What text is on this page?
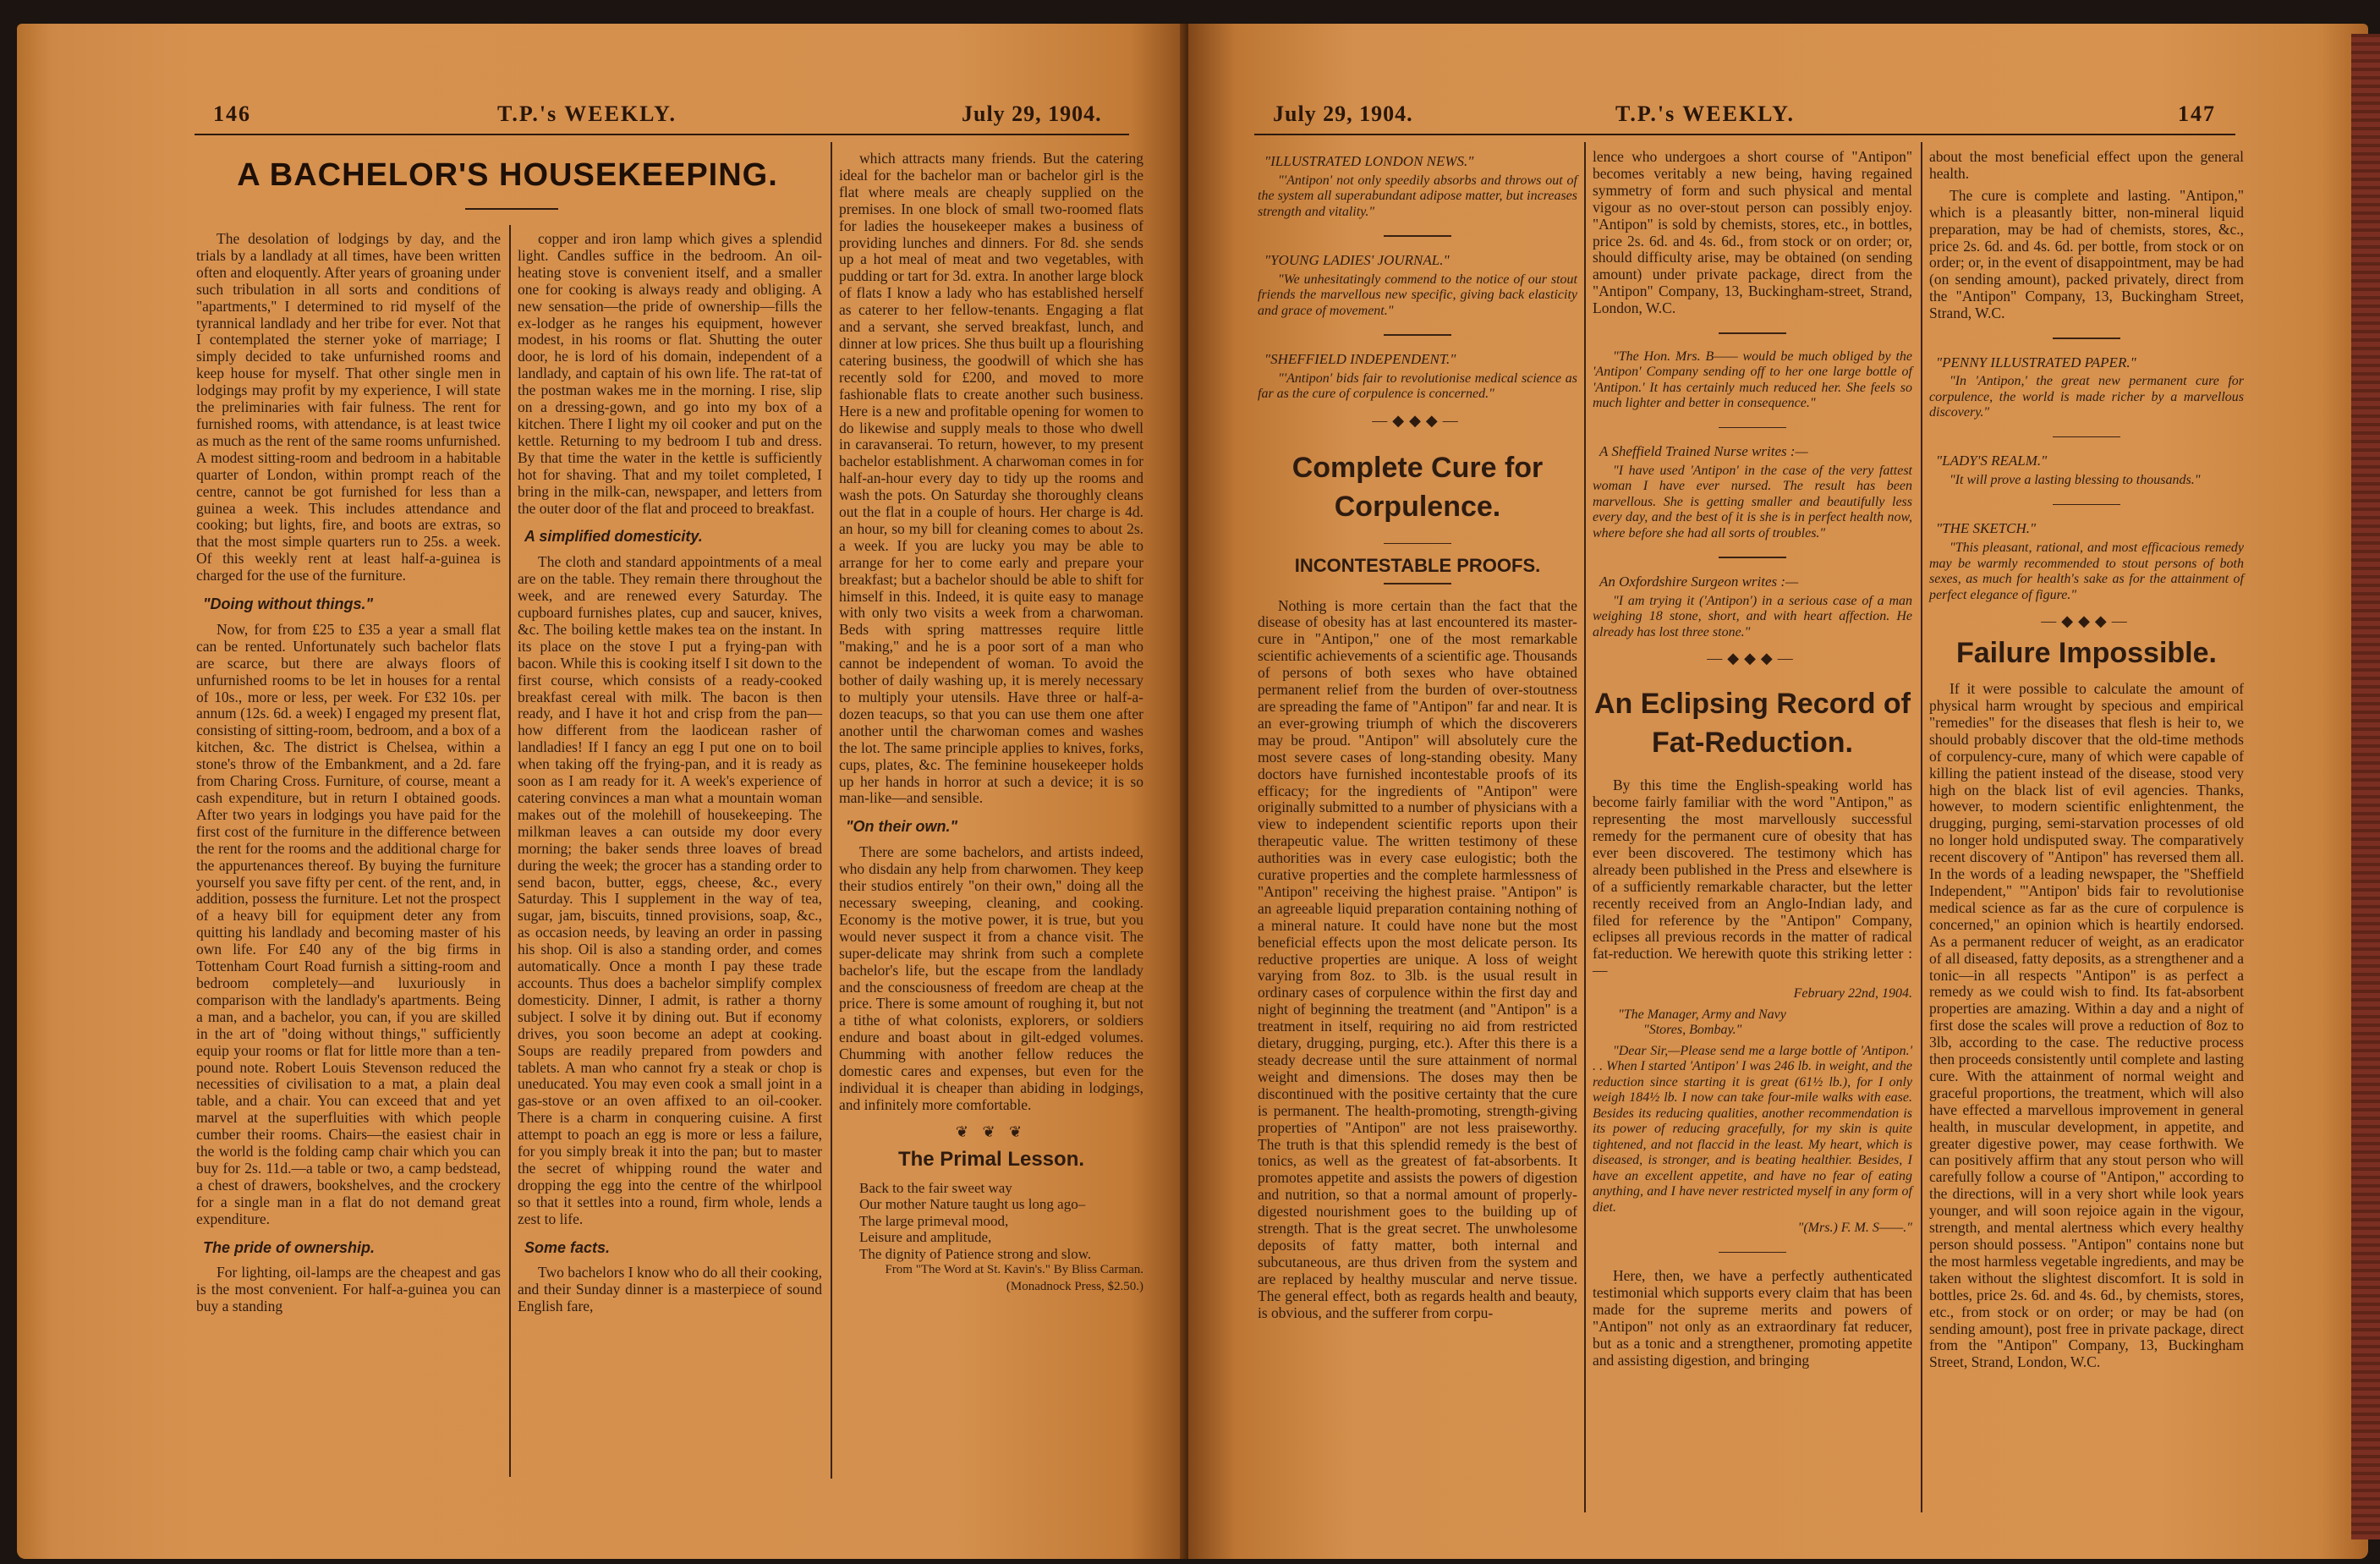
146	T.P.'s WEEKLY.	July 29, 1904.
A BACHELOR'S HOUSEKEEPING.

The desolation of lodgings by day, and the trials by a landlady at all times, have been written often and eloquently. After years of groaning under such tribulation in all sorts and conditions of "apartments," I determined to rid myself of the tyrannical landlady and her tribe for ever. Not that I contemplated the sterner yoke of marriage; I simply decided to take unfurnished rooms and keep house for myself. That other single men in lodgings may profit by my experience, I will state the preliminaries with fair fulness. The rent for furnished rooms, with attendance, is at least twice as much as the rent of the same rooms unfurnished. A modest sitting-room and bedroom in a habitable quarter of London, within prompt reach of the centre, cannot be got furnished for less than a guinea a week. This includes attendance and cooking; but lights, fire, and boots are extras, so that the most simple quarters run to 25s. a week. Of this weekly rent at least half-a-guinea is charged for the use of the furniture.

"Doing without things."

Now, for from £25 to £35 a year a small flat can be rented. Unfortunately such bachelor flats are scarce, but there are always floors of unfurnished rooms to be let in houses for a rental of 10s., more or less, per week. For £32 10s. per annum (12s. 6d. a week) I engaged my present flat, consisting of sitting-room, bedroom, and a box of a kitchen, &c. The district is Chelsea, within a stone's throw of the Embankment, and a 2d. fare from Charing Cross. Furniture, of course, meant a cash expenditure, but in return I obtained goods. After two years in lodgings you have paid for the first cost of the furniture in the difference between the rent for the rooms and the additional charge for the appurtenances thereof. By buying the furniture yourself you save fifty per cent. of the rent, and, in addition, possess the furniture. Let not the prospect of a heavy bill for equipment deter any from quitting his landlady and becoming master of his own life. For £40 any of the big firms in Tottenham Court Road furnish a sitting-room and bedroom completely—and luxuriously in comparison with the landlady's apartments. Being a man, and a bachelor, you can, if you are skilled in the art of "doing without things," sufficiently equip your rooms or flat for little more than a ten-pound note. Robert Louis Stevenson reduced the necessities of civilisation to a mat, a plain deal table, and a chair. You can exceed that and yet marvel at the superfluities with which people cumber their rooms. Chairs—the easiest chair in the world is the folding camp chair which you can buy for 2s. 11d.—a table or two, a camp bedstead, a chest of drawers, bookshelves, and the crockery for a single man in a flat do not demand great expenditure.

The pride of ownership.

For lighting, oil-lamps are the cheapest and gas is the most convenient. For half-a-guinea you can buy a standing

copper and iron lamp which gives a splendid light. Candles suffice in the bedroom. An oil-heating stove is convenient itself, and a smaller one for cooking is always ready and obliging. A new sensation—the pride of ownership—fills the ex-lodger as he ranges his equipment, however modest, in his rooms or flat. Shutting the outer door, he is lord of his domain, independent of a landlady, and captain of his own life. The rat-tat of the postman wakes me in the morning. I rise, slip on a dressing-gown, and go into my box of a kitchen. There I light my oil cooker and put on the kettle. Returning to my bedroom I tub and dress. By that time the water in the kettle is sufficiently hot for shaving. That and my toilet completed, I bring in the milk-can, newspaper, and letters from the outer door of the flat and proceed to breakfast.

A simplified domesticity.

The cloth and standard appointments of a meal are on the table. They remain there throughout the week, and are renewed every Saturday. The cupboard furnishes plates, cup and saucer, knives, &c. The boiling kettle makes tea on the instant. In its place on the stove I put a frying-pan with bacon. While this is cooking itself I sit down to the first course, which consists of a ready-cooked breakfast cereal with milk. The bacon is then ready, and I have it hot and crisp from the pan—how different from the laodicean rasher of landladies! If I fancy an egg I put one on to boil when taking off the frying-pan, and it is ready as soon as I am ready for it. A week's experience of catering convinces a man what a mountain woman makes out of the molehill of housekeeping. The milkman leaves a can outside my door every morning; the baker sends three loaves of bread during the week; the grocer has a standing order to send bacon, butter, eggs, cheese, &c., every Saturday. This I supplement in the way of tea, sugar, jam, biscuits, tinned provisions, soap, &c., as occasion needs, by leaving an order in passing his shop. Oil is also a standing order, and comes automatically. Once a month I pay these trade accounts. Thus does a bachelor simplify complex domesticity. Dinner, I admit, is rather a thorny subject. I solve it by dining out. But if economy drives, you soon become an adept at cooking. Soups are readily prepared from powders and tablets. A man who cannot fry a steak or chop is uneducated. You may even cook a small joint in a gas-stove or an oven affixed to an oil-cooker. There is a charm in conquering cuisine. A first attempt to poach an egg is more or less a failure, for you simply break it into the pan; but to master the secret of whipping round the water and dropping the egg into the centre of the whirlpool so that it settles into a round, firm whole, lends a zest to life.

Some facts.

Two bachelors I know who do all their cooking, and their Sunday dinner is a masterpiece of sound English fare,

which attracts many friends. But the catering ideal for the bachelor man or bachelor girl is the flat where meals are cheaply supplied on the premises. In one block of small two-roomed flats for ladies the housekeeper makes a business of providing lunches and dinners. For 8d. she sends up a hot meal of meat and two vegetables, with pudding or tart for 3d. extra. In another large block of flats I know a lady who has established herself as caterer to her fellow-tenants. Engaging a flat and a servant, she served breakfast, lunch, and dinner at low prices. She thus built up a flourishing catering business, the goodwill of which she has recently sold for £200, and moved to more fashionable flats to create another such business. Here is a new and profitable opening for women to do likewise and supply meals to those who dwell in caravanserai. To return, however, to my present bachelor establishment. A charwoman comes in for half-an-hour every day to tidy up the rooms and wash the pots. On Saturday she thoroughly cleans out the flat in a couple of hours. Her charge is 4d. an hour, so my bill for cleaning comes to about 2s. a week. If you are lucky you may be able to arrange for her to come early and prepare your breakfast; but a bachelor should be able to shift for himself in this. Indeed, it is quite easy to manage with only two visits a week from a charwoman. Beds with spring mattresses require little "making," and he is a poor sort of a man who cannot be independent of woman. To avoid the bother of daily washing up, it is merely necessary to multiply your utensils. Have three or half-a-dozen teacups, so that you can use them one after another until the charwoman comes and washes the lot. The same principle applies to knives, forks, cups, plates, &c. The feminine housekeeper holds up her hands in horror at such a device; it is so man-like—and sensible.

"On their own."

There are some bachelors, and artists indeed, who disdain any help from charwomen. They keep their studios entirely "on their own," doing all the necessary sweeping, cleaning, and cooking. Economy is the motive power, it is true, but you would never suspect it from a chance visit. The super-delicate may shrink from such a complete bachelor's life, but the escape from the landlady and the consciousness of freedom are cheap at the price. There is some amount of roughing it, but not a tithe of what colonists, explorers, or soldiers endure and boast about in gilt-edged volumes. Chumming with another fellow reduces the domestic cares and expenses, but even for the individual it is cheaper than abiding in lodgings, and infinitely more comfortable.

❦ ❦ ❦

The Primal Lesson.

Back to the fair sweet way

Our mother Nature taught us long ago–

The large primeval mood,

Leisure and amplitude,

The dignity of Patience strong and slow.

From "The Word at St. Kavin's." By Bliss Carman. (Monadnock Press, $2.50.)

July 29, 1904.	T.P.'s WEEKLY.	147

"ILLUSTRATED LONDON NEWS."

"'Antipon' not only speedily absorbs and throws out of the system all superabundant adipose matter, but increases strength and vitality."

"YOUNG LADIES' JOURNAL."

"We unhesitatingly commend to the notice of our stout friends the marvellous new specific, giving back elasticity and grace of movement."

"SHEFFIELD INDEPENDENT."

"'Antipon' bids fair to revolutionise medical science as far as the cure of corpulence is concerned."

—◆◆◆—

Complete Cure for Corpulence.

INCONTESTABLE PROOFS.

Nothing is more certain than the fact that the disease of obesity has at last encountered its master-cure in "Antipon," one of the most remarkable scientific achievements of a scientific age. Thousands of persons of both sexes who have obtained permanent relief from the burden of over-stoutness are spreading the fame of "Antipon" far and near. It is an ever-growing triumph of which the discoverers may be proud. "Antipon" will absolutely cure the most severe cases of long-standing obesity. Many doctors have furnished incontestable proofs of its efficacy; for the ingredients of "Antipon" were originally submitted to a number of physicians with a view to independent scientific reports upon their therapeutic value. The written testimony of these authorities was in every case eulogistic; both the curative properties and the complete harmlessness of "Antipon" receiving the highest praise. "Antipon" is an agreeable liquid preparation containing nothing of a mineral nature. It could have none but the most beneficial effects upon the most delicate person. Its reductive properties are unique. A loss of weight varying from 8oz. to 3lb. is the usual result in ordinary cases of corpulence within the first day and night of beginning the treatment (and "Antipon" is a treatment in itself, requiring no aid from restricted dietary, drugging, purging, etc.). After this there is a steady decrease until the sure attainment of normal weight and dimensions. The doses may then be discontinued with the positive certainty that the cure is permanent. The health-promoting, strength-giving properties of "Antipon" are not less praiseworthy. The truth is that this splendid remedy is the best of tonics, as well as the greatest of fat-absorbents. It promotes appetite and assists the powers of digestion and nutrition, so that a normal amount of properly-digested nourishment goes to the building up of strength. That is the great secret. The unwholesome deposits of fatty matter, both internal and subcutaneous, are thus driven from the system and are replaced by healthy muscular and nerve tissue. The general effect, both as regards health and beauty, is obvious, and the sufferer from corpu-

lence who undergoes a short course of "Antipon" becomes veritably a new being, having regained symmetry of form and such physical and mental vigour as no over-stout person can possibly enjoy. "Antipon" is sold by chemists, stores, etc., in bottles, price 2s. 6d. and 4s. 6d., from stock or on order; or, should difficulty arise, may be obtained (on sending amount) under private package, direct from the "Antipon" Company, 13, Buckingham-street, Strand, London, W.C.

"The Hon. Mrs. B—— would be much obliged by the 'Antipon' Company sending off to her one large bottle of 'Antipon.' It has certainly much reduced her. She feels so much lighter and better in consequence."

A Sheffield Trained Nurse writes :—

"I have used 'Antipon' in the case of the very fattest woman I have ever nursed. The result has been marvellous. She is getting smaller and beautifully less every day, and the best of it is she is in perfect health now, where before she had all sorts of troubles."

An Oxfordshire Surgeon writes :—

"I am trying it ('Antipon') in a serious case of a man weighing 18 stone, short, and with heart affection. He already has lost three stone."

—◆◆◆—

An Eclipsing Record of Fat-Reduction.

By this time the English-speaking world has become fairly familiar with the word "Antipon," as representing the most marvellously successful remedy for the permanent cure of obesity that has ever been discovered. The testimony which has already been published in the Press and elsewhere is of a sufficiently remarkable character, but the letter recently received from an Anglo-Indian lady, and filed for reference by the "Antipon" Company, eclipses all previous records in the matter of radical fat-reduction. We herewith quote this striking letter :—

February 22nd, 1904.

"The Manager, Army and Navy

"Stores, Bombay."

"Dear Sir,—Please send me a large bottle of 'Antipon.' . . When I started 'Antipon' I was 246 lb. in weight, and the reduction since starting it is great (61½ lb.), for I only weigh 184½ lb. I now can take four-mile walks with ease. Besides its reducing qualities, another recommendation is its power of reducing gracefully, for my skin is quite tightened, and not flaccid in the least. My heart, which is diseased, is stronger, and is beating healthier. Besides, I have an excellent appetite, and have no fear of eating anything, and I have never restricted myself in any form of diet.

"(Mrs.) F. M. S——."

Here, then, we have a perfectly authenticated testimonial which supports every claim that has been made for the supreme merits and powers of "Antipon" not only as an extraordinary fat reducer, but as a tonic and a strengthener, promoting appetite and assisting digestion, and bringing

about the most beneficial effect upon the general health.

The cure is complete and lasting. "Antipon," which is a pleasantly bitter, non-mineral liquid preparation, may be had of chemists, stores, &c., price 2s. 6d. and 4s. 6d. per bottle, from stock or on order; or, in the event of disappointment, may be had (on sending amount), packed privately, direct from the "Antipon" Company, 13, Buckingham Street, Strand, W.C.

"PENNY ILLUSTRATED PAPER."

"In 'Antipon,' the great new permanent cure for corpulence, the world is made richer by a marvellous discovery."

"LADY'S REALM."

"It will prove a lasting blessing to thousands."

"THE SKETCH."

"This pleasant, rational, and most efficacious remedy may be warmly recommended to stout persons of both sexes, as much for health's sake as for the attainment of perfect elegance of figure."

—◆◆◆—

Failure Impossible.

If it were possible to calculate the amount of physical harm wrought by specious and empirical "remedies" for the diseases that flesh is heir to, we should probably discover that the old-time methods of corpulency-cure, many of which were capable of killing the patient instead of the disease, stood very high on the black list of evil agencies. Thanks, however, to modern scientific enlightenment, the drugging, purging, semi-starvation processes of old no longer hold undisputed sway. The comparatively recent discovery of "Antipon" has reversed them all. In the words of a leading newspaper, the "Sheffield Independent," "'Antipon' bids fair to revolutionise medical science as far as the cure of corpulence is concerned," an opinion which is heartily endorsed. As a permanent reducer of weight, as an eradicator of all diseased, fatty deposits, as a strengthener and a tonic—in all respects "Antipon" is as perfect a remedy as we could wish to find. Its fat-absorbent properties are amazing. Within a day and a night of first dose the scales will prove a reduction of 8oz to 3lb, according to the case. The reductive process then proceeds consistently until complete and lasting cure. With the attainment of normal weight and graceful proportions, the treatment, which will also have effected a marvellous improvement in general health, in muscular development, in appetite, and greater digestive power, may cease forthwith. We can positively affirm that any stout person who will carefully follow a course of "Antipon," according to the directions, will in a very short while look years younger, and will soon rejoice again in the vigour, strength, and mental alertness which every healthy person should possess. "Antipon" contains none but the most harmless vegetable ingredients, and may be taken without the slightest discomfort. It is sold in bottles, price 2s. 6d. and 4s. 6d., by chemists, stores, etc., from stock or on order; or may be had (on sending amount), post free in private package, direct from the "Antipon" Company, 13, Buckingham Street, Strand, London, W.C.
